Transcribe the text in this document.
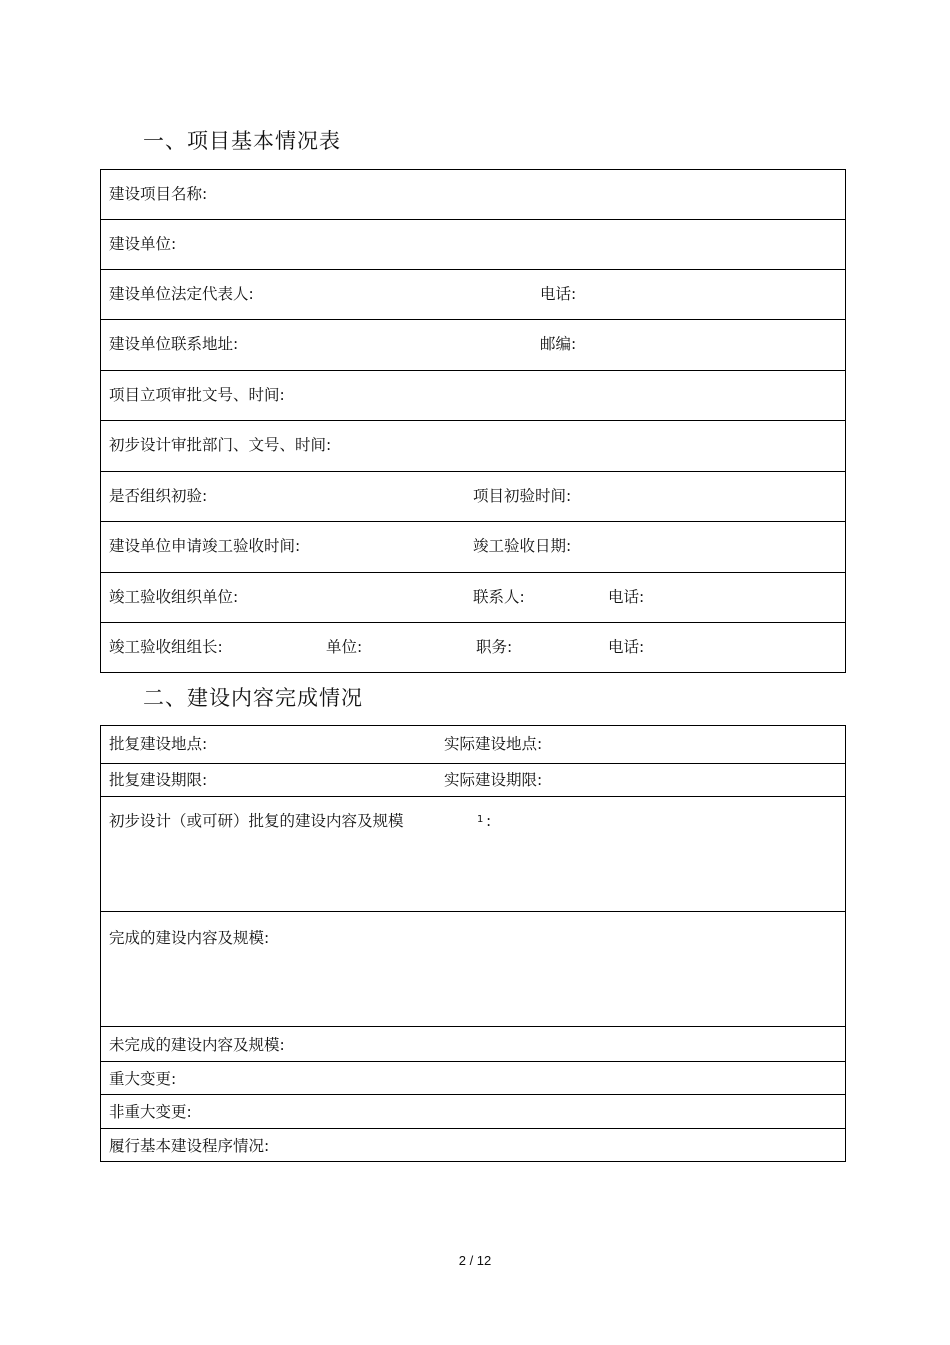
一、项目基本情况表
建设项目名称:
建设单位:
建设单位法定代表人:	电话:
建设单位联系地址:	邮编:
项目立项审批文号、时间:
初步设计审批部门、文号、时间:
是否组织初验:	项目初验时间:
建设单位申请竣工验收时间:	竣工验收日期:
竣工验收组织单位:	联系人:	电话:
竣工验收组组长:	单位:	职务:	电话:
二、建设内容完成情况
批复建设地点:	实际建设地点:
批复建设期限:	实际建设期限:
初步设计（或可研）批复的建设内容及规模	1 :
完成的建设内容及规模:
未完成的建设内容及规模:
重大变更:
非重大变更:
履行基本建设程序情况:
2 / 12
